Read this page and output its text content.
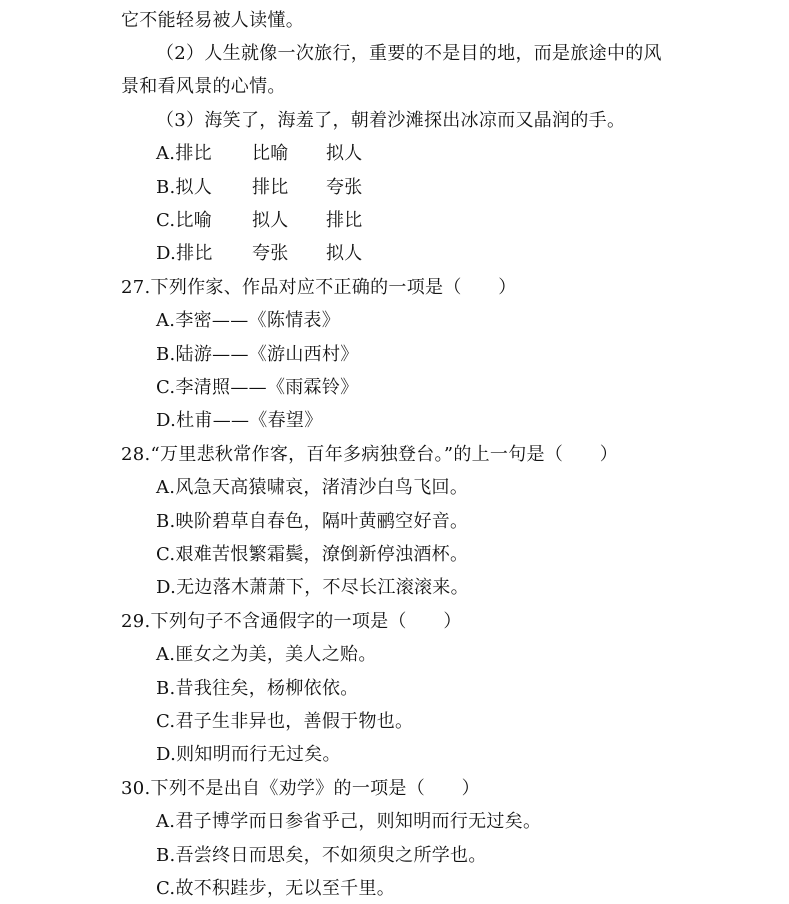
它不能轻易被人读懂。
（2）人生就像一次旅行，重要的不是目的地，而是旅途中的风
景和看风景的心情。
（3）海笑了，海羞了，朝着沙滩探出冰凉而又晶润的手。
A.排比 比喻 拟人
B.拟人 排比 夸张
C.比喻 拟人 排比
D.排比 夸张 拟人
27.下列作家、作品对应不正确的一项是（　　）
A.李密——《陈情表》
B.陆游——《游山西村》
C.李清照——《雨霖铃》
D.杜甫——《春望》
28.“万里悲秋常作客，百年多病独登台。”的上一句是（　　）
A.风急天高猿啸哀，渚清沙白鸟飞回。
B.映阶碧草自春色，隔叶黄鹂空好音。
C.艰难苦恨繁霜鬓，潦倒新停浊酒杯。
D.无边落木萧萧下，不尽长江滚滚来。
29.下列句子不含通假字的一项是（　　）
A.匪女之为美，美人之贻。
B.昔我往矣，杨柳依依。
C.君子生非异也，善假于物也。
D.则知明而行无过矣。
30.下列不是出自《劝学》的一项是（　　）
A.君子博学而日参省乎己，则知明而行无过矣。
B.吾尝终日而思矣，不如须臾之所学也。
C.故不积跬步，无以至千里。
